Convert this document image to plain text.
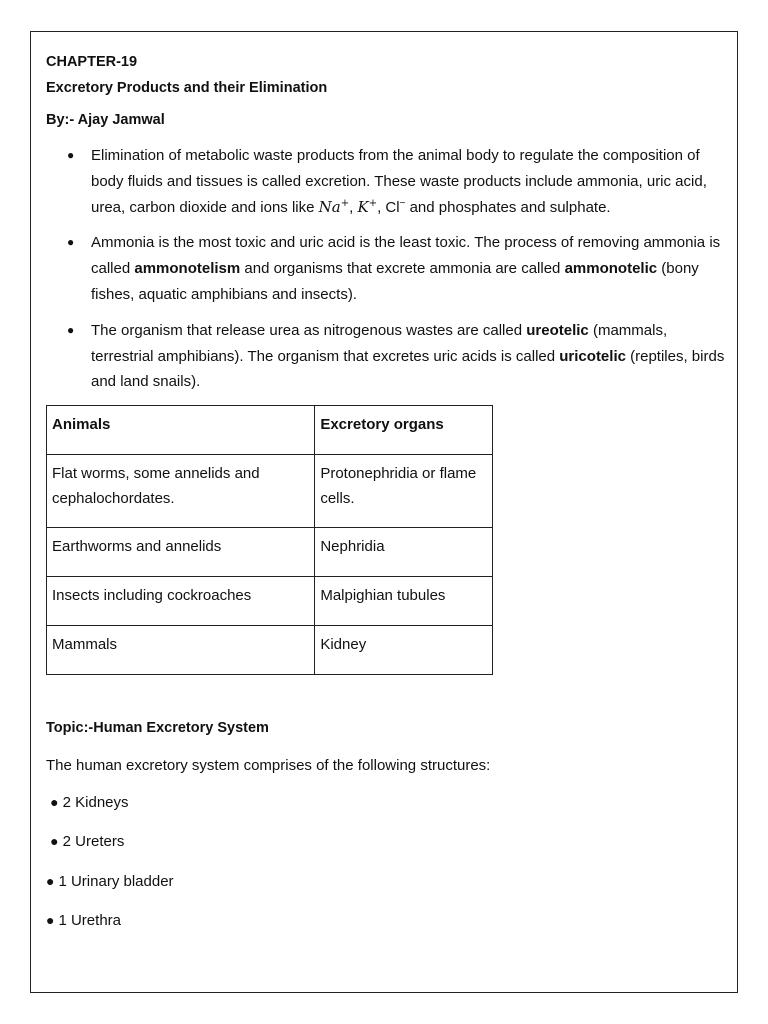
CHAPTER-19
Excretory Products and their Elimination
By:- Ajay Jamwal
● Elimination of metabolic waste products from the animal body to regulate the composition of body fluids and tissues is called excretion. These waste products include ammonia, uric acid, urea, carbon dioxide and ions like Na+, K+, Cl− and phosphates and sulphate.
● Ammonia is the most toxic and uric acid is the least toxic. The process of removing ammonia is called ammonotelism and organisms that excrete ammonia are called ammonotelic (bony fishes, aquatic amphibians and insects).
● The organism that release urea as nitrogenous wastes are called ureotelic (mammals, terrestrial amphibians). The organism that excretes uric acids is called uricotelic (reptiles, birds and land snails).
Animals	Excretory organs
Flat worms, some annelids and cephalochordates.	Protonephridia or flame cells.
Earthworms and annelids	Nephridia
Insects including cockroaches	Malpighian tubules
Mammals	Kidney
Topic:-Human Excretory System
The human excretory system comprises of the following structures:
● 2 Kidneys
● 2 Ureters
● 1 Urinary bladder
● 1 Urethra
